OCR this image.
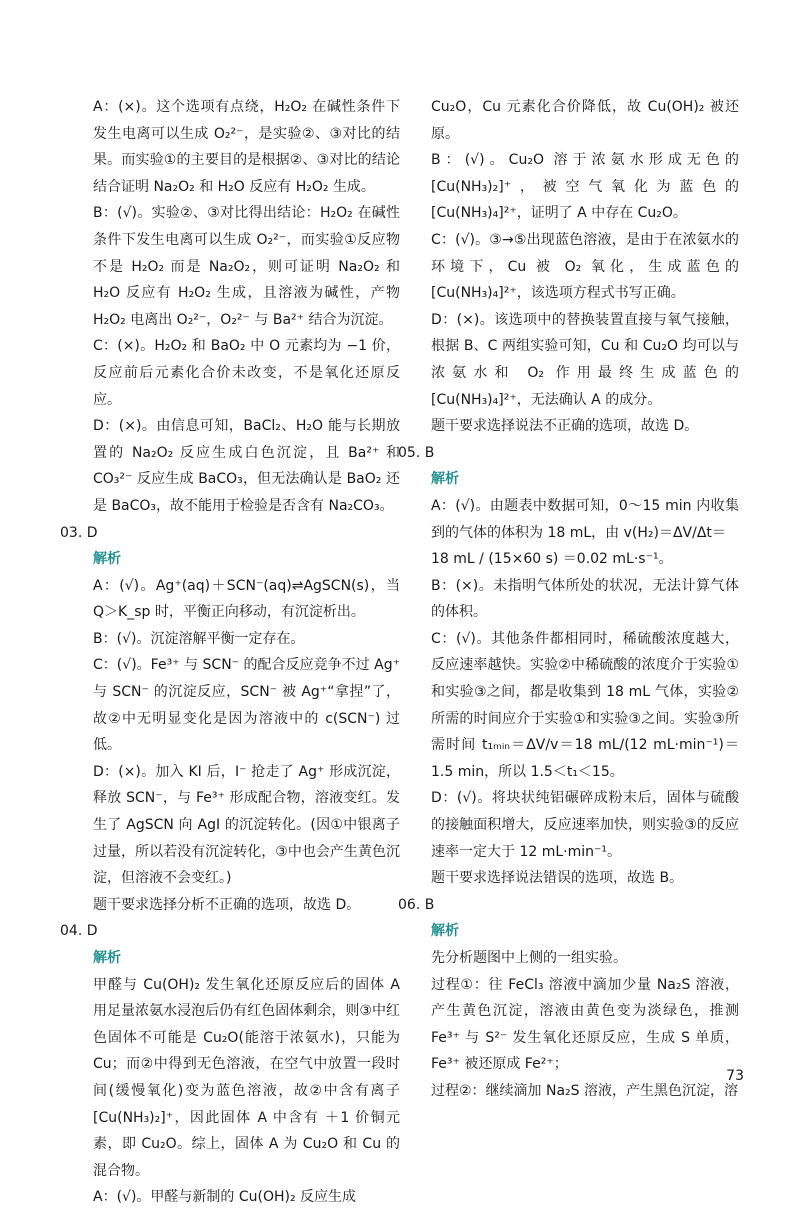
A：(×)。这个选项有点绕，H₂O₂ 在碱性条件下发生电离可以生成 O₂²⁻，是实验②、③对比的结果。而实验①的主要目的是根据②、③对比的结论结合证明 Na₂O₂ 和 H₂O 反应有 H₂O₂ 生成。

B：(√)。实验②、③对比得出结论：H₂O₂ 在碱性条件下发生电离可以生成 O₂²⁻，而实验①反应物不是 H₂O₂ 而是 Na₂O₂，则可证明 Na₂O₂ 和 H₂O 反应有 H₂O₂ 生成，且溶液为碱性，产物 H₂O₂ 电离出 O₂²⁻，O₂²⁻ 与 Ba²⁺ 结合为沉淀。

C：(×)。H₂O₂ 和 BaO₂ 中 O 元素均为 −1 价，反应前后元素化合价未改变，不是氧化还原反应。

D：(×)。由信息可知，BaCl₂、H₂O 能与长期放置的 Na₂O₂ 反应生成白色沉淀，且 Ba²⁺ 和 CO₃²⁻ 反应生成 BaCO₃，但无法确认是 BaO₂ 还是 BaCO₃，故不能用于检验是否含有 Na₂CO₃。

03. D

解析

A：(√)。Ag⁺(aq)＋SCN⁻(aq)⇌AgSCN(s)，当 Q＞K_sp 时，平衡正向移动，有沉淀析出。

B：(√)。沉淀溶解平衡一定存在。

C：(√)。Fe³⁺ 与 SCN⁻ 的配合反应竞争不过 Ag⁺ 与 SCN⁻ 的沉淀反应，SCN⁻ 被 Ag⁺“拿捏”了，故②中无明显变化是因为溶液中的 c(SCN⁻) 过低。

D：(×)。加入 KI 后，I⁻ 抢走了 Ag⁺ 形成沉淀，释放 SCN⁻，与 Fe³⁺ 形成配合物，溶液变红。发生了 AgSCN 向 AgI 的沉淀转化。(因①中银离子过量，所以若没有沉淀转化，③中也会产生黄色沉淀，但溶液不会变红。)

题干要求选择分析不正确的选项，故选 D。

04. D

解析

甲醛与 Cu(OH)₂ 发生氧化还原反应后的固体 A 用足量浓氨水浸泡后仍有红色固体剩余，则③中红色固体不可能是 Cu₂O(能溶于浓氨水)，只能为 Cu；而②中得到无色溶液，在空气中放置一段时间(缓慢氧化)变为蓝色溶液，故②中含有离子 [Cu(NH₃)₂]⁺，因此固体 A 中含有 ＋1 价铜元素，即 Cu₂O。综上，固体 A 为 Cu₂O 和 Cu 的混合物。

A：(√)。甲醛与新制的 Cu(OH)₂ 反应生成

Cu₂O，Cu 元素化合价降低，故 Cu(OH)₂ 被还原。

B：(√)。Cu₂O 溶于浓氨水形成无色的 [Cu(NH₃)₂]⁺，被空气氧化为蓝色的 [Cu(NH₃)₄]²⁺，证明了 A 中存在 Cu₂O。

C：(√)。③→⑤出现蓝色溶液，是由于在浓氨水的环境下，Cu 被 O₂ 氧化，生成蓝色的 [Cu(NH₃)₄]²⁺，该选项方程式书写正确。

D：(×)。该选项中的替换装置直接与氧气接触，根据 B、C 两组实验可知，Cu 和 Cu₂O 均可以与浓氨水和 O₂ 作用最终生成蓝色的 [Cu(NH₃)₄]²⁺，无法确认 A 的成分。

题干要求选择说法不正确的选项，故选 D。

05. B

解析

A：(√)。由题表中数据可知，0～15 min 内收集到的气体的体积为 18 mL，由 v(H₂)＝ΔV/Δt＝

18 mL / (15×60 s) ＝0.02 mL·s⁻¹。

B：(×)。未指明气体所处的状况，无法计算气体的体积。

C：(√)。其他条件都相同时，稀硫酸浓度越大，反应速率越快。实验②中稀硫酸的浓度介于实验①和实验③之间，都是收集到 18 mL 气体，实验②所需的时间应介于实验①和实验③之间。实验③所需时间 t₁ₘᵢₙ＝ΔV/v＝18 mL/(12 mL·min⁻¹)＝1.5 min，所以 1.5＜t₁＜15。

D：(√)。将块状纯铝碾碎成粉末后，固体与硫酸的接触面积增大，反应速率加快，则实验③的反应速率一定大于 12 mL·min⁻¹。

题干要求选择说法错误的选项，故选 B。

06. B

解析

先分析题图中上侧的一组实验。

过程①：往 FeCl₃ 溶液中滴加少量 Na₂S 溶液，产生黄色沉淀，溶液由黄色变为淡绿色，推测 Fe³⁺ 与 S²⁻ 发生氧化还原反应，生成 S 单质，Fe³⁺ 被还原成 Fe²⁺；

过程②：继续滴加 Na₂S 溶液，产生黑色沉淀，溶

73
